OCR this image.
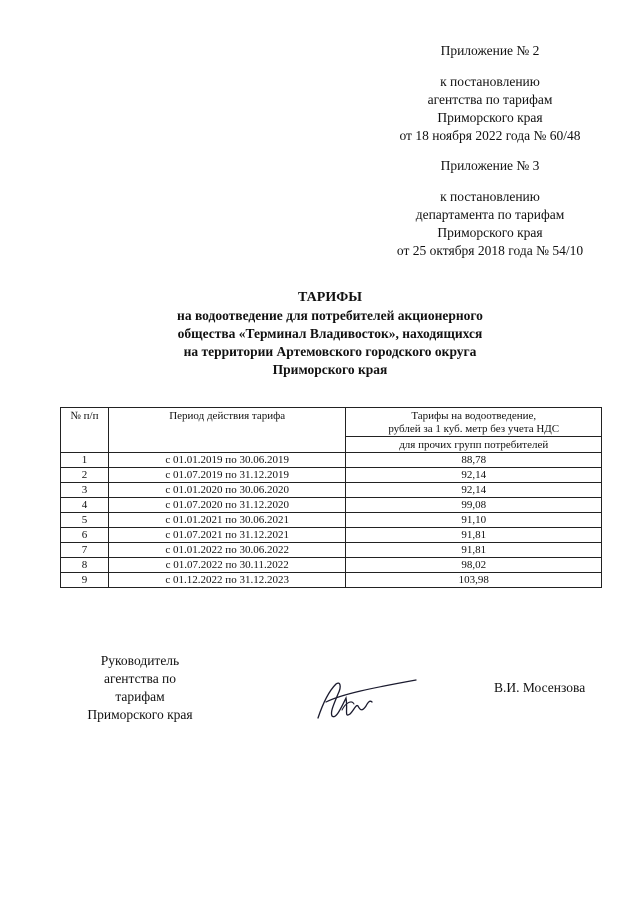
Приложение № 2
к постановлению
агентства по тарифам
Приморского края
от 18 ноября 2022 года № 60/48
Приложение № 3
к постановлению
департамента по тарифам
Приморского края
от 25 октября 2018 года № 54/10
ТАРИФЫ
на водоотведение для потребителей акционерного
общества «Терминал Владивосток», находящихся
на территории Артемовского городского округа
Приморского края
№ п/п	Период действия тарифа	Тарифы на водоотведение,
рублей за 1 куб. метр без учета НДС

		для прочих групп потребителей
1	с 01.01.2019 по 30.06.2019	88,78
2	с 01.07.2019 по 31.12.2019	92,14
3	с 01.01.2020 по 30.06.2020	92,14
4	с 01.07.2020 по 31.12.2020	99,08
5	с 01.01.2021 по 30.06.2021	91,10
6	с 01.07.2021 по 31.12.2021	91,81
7	с 01.01.2022 по 30.06.2022	91,81
8	с 01.07.2022 по 30.11.2022	98,02
9	с 01.12.2022 по 31.12.2023	103,98
Руководитель
агентства по тарифам
Приморского края
В.И. Мосензова
